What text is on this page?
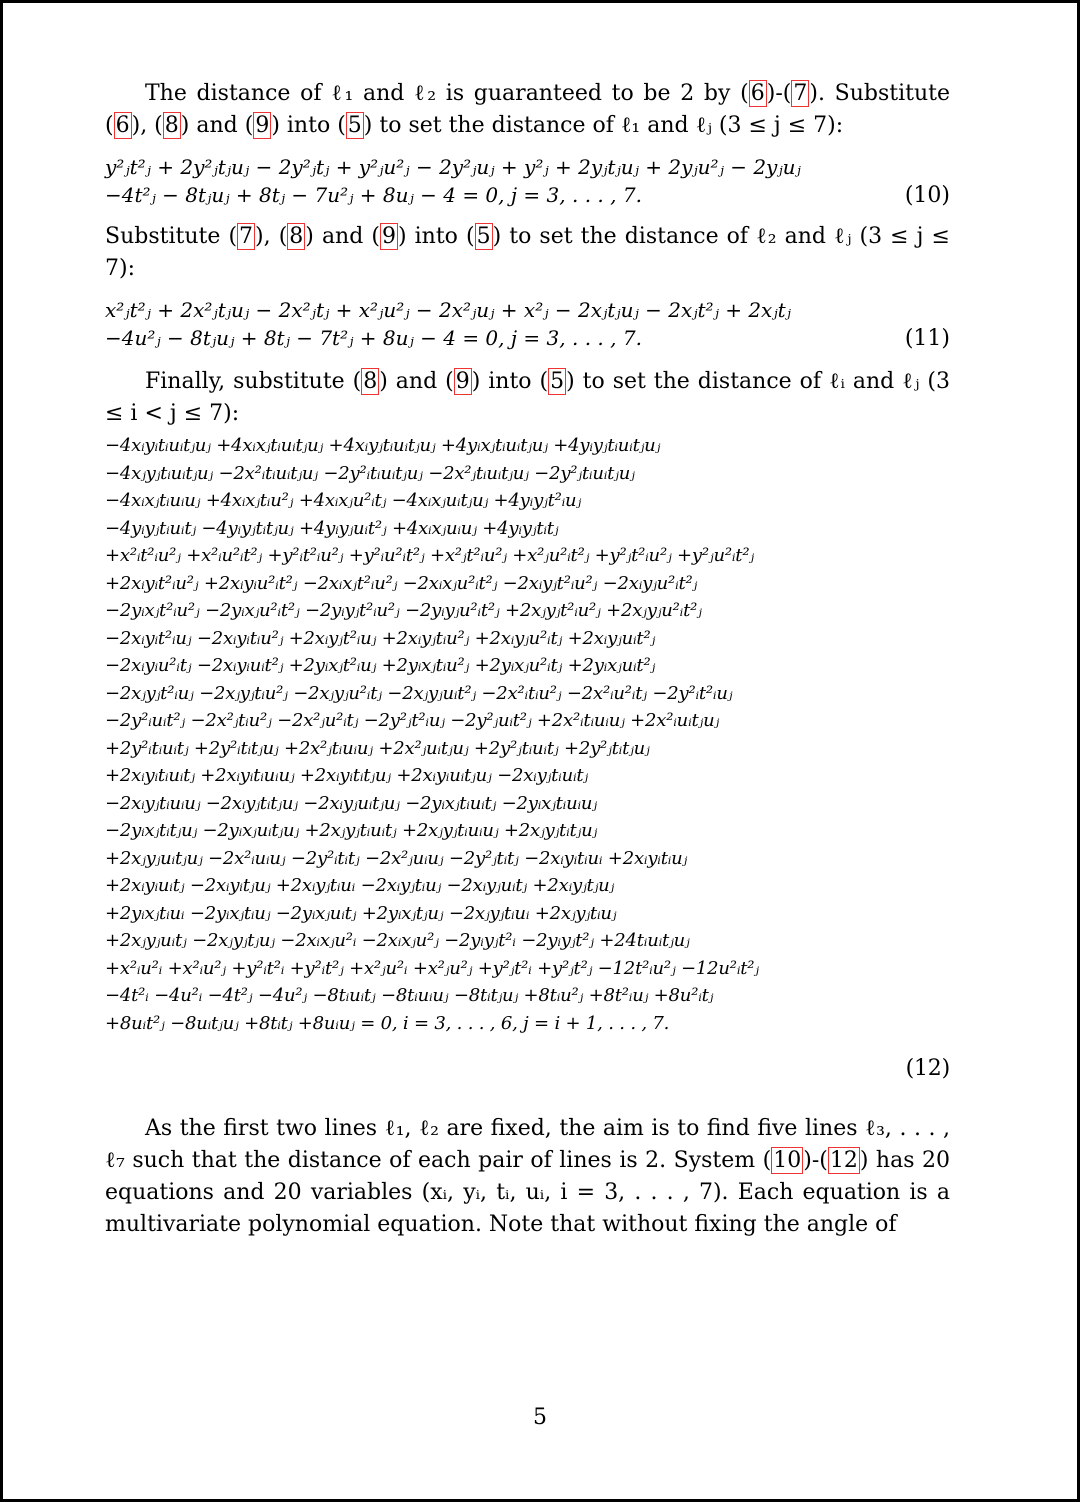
The distance of ℓ₁ and ℓ₂ is guaranteed to be 2 by (6)-(7). Substitute (6), (8) and (9) into (5) to set the distance of ℓ₁ and ℓⱼ (3 ≤ j ≤ 7):

y²ⱼt²ⱼ + 2y²ⱼtⱼuⱼ − 2y²ⱼtⱼ + y²ⱼu²ⱼ − 2y²ⱼuⱼ + y²ⱼ + 2yⱼtⱼuⱼ + 2yⱼu²ⱼ − 2yⱼuⱼ
−4t²ⱼ − 8tⱼuⱼ + 8tⱼ − 7u²ⱼ + 8uⱼ − 4 = 0, j = 3, . . . , 7.	(10)

Substitute (7), (8) and (9) into (5) to set the distance of ℓ₂ and ℓⱼ (3 ≤ j ≤ 7):

x²ⱼt²ⱼ + 2x²ⱼtⱼuⱼ − 2x²ⱼtⱼ + x²ⱼu²ⱼ − 2x²ⱼuⱼ + x²ⱼ − 2xⱼtⱼuⱼ − 2xⱼt²ⱼ + 2xⱼtⱼ
−4u²ⱼ − 8tⱼuⱼ + 8tⱼ − 7t²ⱼ + 8uⱼ − 4 = 0, j = 3, . . . , 7.	(11)

Finally, substitute (8) and (9) into (5) to set the distance of ℓᵢ and ℓⱼ (3 ≤ i < j ≤ 7):

−4xᵢyᵢtᵢuᵢtⱼuⱼ +4xᵢxⱼtᵢuᵢtⱼuⱼ +4xᵢyⱼtᵢuᵢtⱼuⱼ +4yᵢxⱼtᵢuᵢtⱼuⱼ +4yᵢyⱼtᵢuᵢtⱼuⱼ
−4xⱼyⱼtᵢuᵢtⱼuⱼ −2x²ᵢtᵢuᵢtⱼuⱼ −2y²ᵢtᵢuᵢtⱼuⱼ −2x²ⱼtᵢuᵢtⱼuⱼ −2y²ⱼtᵢuᵢtⱼuⱼ
−4xᵢxⱼtᵢuᵢuⱼ +4xᵢxⱼtᵢu²ⱼ +4xᵢxⱼu²ᵢtⱼ −4xᵢxⱼuᵢtⱼuⱼ +4yᵢyⱼt²ᵢuⱼ
−4yᵢyⱼtᵢuᵢtⱼ −4yᵢyⱼtᵢtⱼuⱼ +4yᵢyⱼuᵢt²ⱼ +4xᵢxⱼuᵢuⱼ +4yᵢyⱼtᵢtⱼ
+x²ᵢt²ᵢu²ⱼ +x²ᵢu²ᵢt²ⱼ +y²ᵢt²ᵢu²ⱼ +y²ᵢu²ᵢt²ⱼ +x²ⱼt²ᵢu²ⱼ +x²ⱼu²ᵢt²ⱼ +y²ⱼt²ᵢu²ⱼ +y²ⱼu²ᵢt²ⱼ
+2xᵢyᵢt²ᵢu²ⱼ +2xᵢyᵢu²ᵢt²ⱼ −2xᵢxⱼt²ᵢu²ⱼ −2xᵢxⱼu²ᵢt²ⱼ −2xᵢyⱼt²ᵢu²ⱼ −2xᵢyⱼu²ᵢt²ⱼ
−2yᵢxⱼt²ᵢu²ⱼ −2yᵢxⱼu²ᵢt²ⱼ −2yᵢyⱼt²ᵢu²ⱼ −2yᵢyⱼu²ᵢt²ⱼ +2xⱼyⱼt²ᵢu²ⱼ +2xⱼyⱼu²ᵢt²ⱼ
−2xᵢyᵢt²ᵢuⱼ −2xᵢyᵢtᵢu²ⱼ +2xᵢyⱼt²ᵢuⱼ +2xᵢyⱼtᵢu²ⱼ +2xᵢyⱼu²ᵢtⱼ +2xᵢyⱼuᵢt²ⱼ
−2xᵢyᵢu²ᵢtⱼ −2xᵢyᵢuᵢt²ⱼ +2yᵢxⱼt²ᵢuⱼ +2yᵢxⱼtᵢu²ⱼ +2yᵢxⱼu²ᵢtⱼ +2yᵢxⱼuᵢt²ⱼ
−2xⱼyⱼt²ᵢuⱼ −2xⱼyⱼtᵢu²ⱼ −2xⱼyⱼu²ᵢtⱼ −2xⱼyⱼuᵢt²ⱼ −2x²ᵢtᵢu²ⱼ −2x²ᵢu²ᵢtⱼ −2y²ᵢt²ᵢuⱼ
−2y²ᵢuᵢt²ⱼ −2x²ⱼtᵢu²ⱼ −2x²ⱼu²ᵢtⱼ −2y²ⱼt²ᵢuⱼ −2y²ⱼuᵢt²ⱼ +2x²ᵢtᵢuᵢuⱼ +2x²ᵢuᵢtⱼuⱼ
+2y²ᵢtᵢuᵢtⱼ +2y²ᵢtᵢtⱼuⱼ +2x²ⱼtᵢuᵢuⱼ +2x²ⱼuᵢtⱼuⱼ +2y²ⱼtᵢuᵢtⱼ +2y²ⱼtᵢtⱼuⱼ
+2xᵢyᵢtᵢuᵢtⱼ +2xᵢyᵢtᵢuᵢuⱼ +2xᵢyᵢtᵢtⱼuⱼ +2xᵢyᵢuᵢtⱼuⱼ −2xᵢyⱼtᵢuᵢtⱼ
−2xᵢyⱼtᵢuᵢuⱼ −2xᵢyⱼtᵢtⱼuⱼ −2xᵢyⱼuᵢtⱼuⱼ −2yᵢxⱼtᵢuᵢtⱼ −2yᵢxⱼtᵢuᵢuⱼ
−2yᵢxⱼtᵢtⱼuⱼ −2yᵢxⱼuᵢtⱼuⱼ +2xⱼyⱼtᵢuᵢtⱼ +2xⱼyⱼtᵢuᵢuⱼ +2xⱼyⱼtᵢtⱼuⱼ
+2xⱼyⱼuᵢtⱼuⱼ −2x²ᵢuᵢuⱼ −2y²ᵢtᵢtⱼ −2x²ⱼuᵢuⱼ −2y²ⱼtᵢtⱼ −2xᵢyᵢtᵢuᵢ +2xᵢyᵢtᵢuⱼ
+2xᵢyᵢuᵢtⱼ −2xᵢyᵢtⱼuⱼ +2xᵢyⱼtᵢuᵢ −2xᵢyⱼtᵢuⱼ −2xᵢyⱼuᵢtⱼ +2xᵢyⱼtⱼuⱼ
+2yᵢxⱼtᵢuᵢ −2yᵢxⱼtᵢuⱼ −2yᵢxⱼuᵢtⱼ +2yᵢxⱼtⱼuⱼ −2xⱼyⱼtᵢuᵢ +2xⱼyⱼtᵢuⱼ
+2xⱼyⱼuᵢtⱼ −2xⱼyⱼtⱼuⱼ −2xᵢxⱼu²ᵢ −2xᵢxⱼu²ⱼ −2yᵢyⱼt²ᵢ −2yᵢyⱼt²ⱼ +24tᵢuᵢtⱼuⱼ
+x²ᵢu²ᵢ +x²ᵢu²ⱼ +y²ᵢt²ᵢ +y²ᵢt²ⱼ +x²ⱼu²ᵢ +x²ⱼu²ⱼ +y²ⱼt²ᵢ +y²ⱼt²ⱼ −12t²ᵢu²ⱼ −12u²ᵢt²ⱼ
−4t²ᵢ −4u²ᵢ −4t²ⱼ −4u²ⱼ −8tᵢuᵢtⱼ −8tᵢuᵢuⱼ −8tᵢtⱼuⱼ +8tᵢu²ⱼ +8t²ᵢuⱼ +8u²ᵢtⱼ
+8uᵢt²ⱼ −8uᵢtⱼuⱼ +8tᵢtⱼ +8uᵢuⱼ = 0, i = 3, . . . , 6, j = i + 1, . . . , 7.
(12)

As the first two lines ℓ₁, ℓ₂ are fixed, the aim is to find five lines ℓ₃, . . . , ℓ₇ such that the distance of each pair of lines is 2. System (10)-(12) has 20 equations and 20 variables (xᵢ, yᵢ, tᵢ, uᵢ, i = 3, . . . , 7). Each equation is a multivariate polynomial equation. Note that without fixing the angle of

5
